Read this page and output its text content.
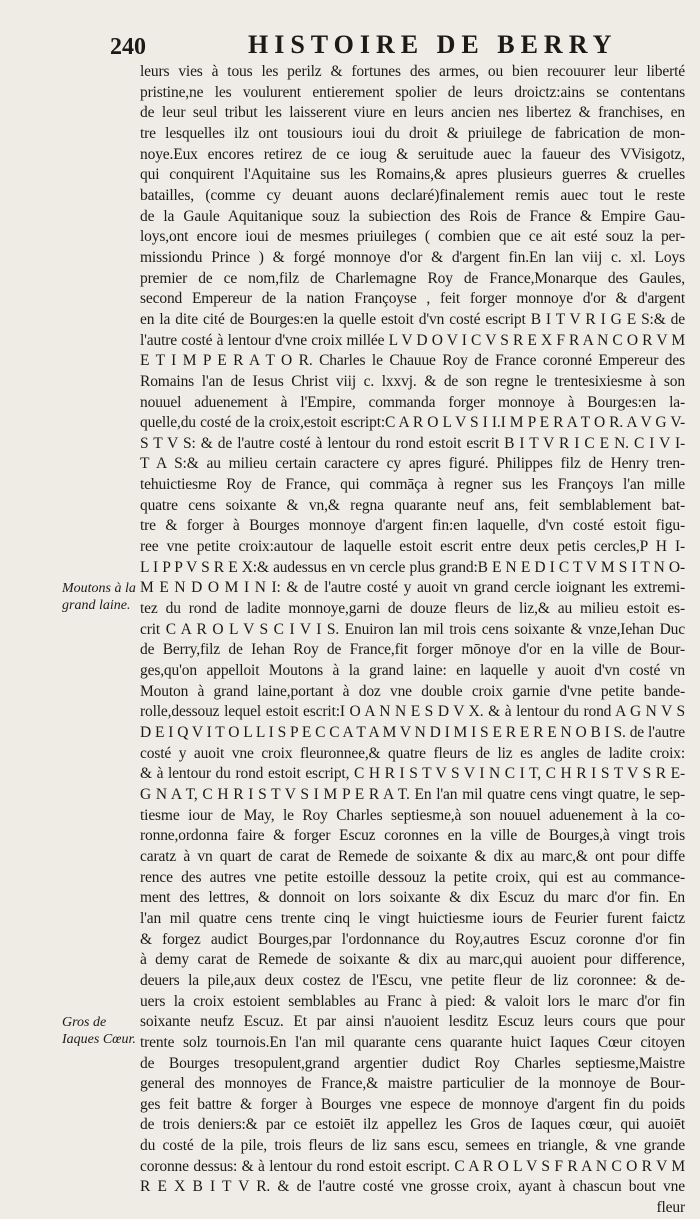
240	HISTOIRE DE BERRY
Moutons à la grand laine.
Gros de Iaques Cœur.
leurs vies à tous les perilz & fortunes des armes, ou bien recouurer leur liberté
pristine,ne les voulurent entierement spolier de leurs droictz:ains se contentans
de leur seul tribut les laisserent viure en leurs ancien nes libertez & franchises, en
tre lesquelles ilz ont tousiours ioui du droit & priuilege de fabrication de mon-
noye.Eux encores retirez de ce ioug & seruitude auec la faueur des VVisigotz,
qui conquirent l'Aquitaine sus les Romains,& apres plusieurs guerres & cruelles
batailles, (comme cy deuant auons declaré)finalement remis auec tout le reste
de la Gaule Aquitanique souz la subiection des Rois de France & Empire Gau-
loys,ont encore ioui de mesmes priuileges ( combien que ce ait esté souz la per-
missiondu Prince ) & forgé monnoye d'or & d'argent fin.En lan viij c. xl. Loys
premier de ce nom,filz de Charlemagne Roy de France,Monarque des Gaules,
second Empereur de la nation Françoyse , feit forger monnoye d'or & d'argent
en la dite cité de Bourges:en la quelle estoit d'vn costé escript B I T V R I G E S:& de
l'autre costé à lentour d'vne croix millée L V D O V I C V S R E X F R A N C O R V M
E T I M P E R A T O R. Charles le Chauue Roy de France coronné Empereur des
Romains l'an de Iesus Christ viij c. lxxvj. & de son regne le trentesixiesme à son
nouuel aduenement à l'Empire, commanda forger monnoye à Bourges:en la-
quelle,du costé de la croix,estoit escript:C A R O L V S I I.I M P E R A T O R. A V G V-
S T V S: & de l'autre costé à lentour du rond estoit escrit B I T V R I C E N. C I V I-
T A S:& au milieu certain caractere cy apres figuré. Philippes filz de Henry tren-
tehuictiesme Roy de France, qui commāça à regner sus les Françoys l'an mille
quatre cens soixante & vn,& regna quarante neuf ans, feit semblablement bat-
tre & forger à Bourges monnoye d'argent fin:en laquelle, d'vn costé estoit figu-
ree vne petite croix:autour de laquelle estoit escrit entre deux petis cercles,P H I-
L I P P V S R E X:& audessus en vn cercle plus grand:B E N E D I C T V M S I T N O-
M E N D O M I N I: & de l'autre costé y auoit vn grand cercle ioignant les extremi-
tez du rond de ladite monnoye,garni de douze fleurs de liz,& au milieu estoit es-
crit C A R O L V S C I V I S. Enuiron lan mil trois cens soixante & vnze,Iehan Duc
de Berry,filz de Iehan Roy de France,fit forger mōnoye d'or en la ville de Bour-
ges,qu'on appelloit Moutons à la grand laine: en laquelle y auoit d'vn costé vn
Mouton à grand laine,portant à doz vne double croix garnie d'vne petite bande-
rolle,dessouz lequel estoit escrit:I O A N N E S D V X. & à lentour du rond A G N V S
D E I Q V I T O L L I S P E C C A T A M V N D I M I S E R E R E N O B I S. de l'autre
costé y auoit vne croix fleuronnee,& quatre fleurs de liz es angles de ladite croix:
& à lentour du rond estoit escript, C H R I S T V S V I N C I T, C H R I S T V S R E-
G N A T, C H R I S T V S I M P E R A T. En l'an mil quatre cens vingt quatre, le sep-
tiesme iour de May, le Roy Charles septiesme,à son nouuel aduenement à la co-
ronne,ordonna faire & forger Escuz coronnes en la ville de Bourges,à vingt trois
caratz à vn quart de carat de Remede de soixante & dix au marc,& ont pour diffe
rence des autres vne petite estoille dessouz la petite croix, qui est au commance-
ment des lettres, & donnoit on lors soixante & dix Escuz du marc d'or fin. En
l'an mil quatre cens trente cinq le vingt huictiesme iours de Feurier furent faictz
& forgez audict Bourges,par l'ordonnance du Roy,autres Escuz coronne d'or fin
à demy carat de Remede de soixante & dix au marc,qui auoient pour difference,
deuers la pile,aux deux costez de l'Escu, vne petite fleur de liz coronnee: & de-
uers la croix estoient semblables au Franc à pied: & valoit lors le marc d'or fin
soixante neufz Escuz. Et par ainsi n'auoient lesditz Escuz leurs cours que pour
trente solz tournois.En l'an mil quarante cens quarante huict Iaques Cœur citoyen
de Bourges tresopulent,grand argentier dudict Roy Charles septiesme,Maistre
general des monnoyes de France,& maistre particulier de la monnoye de Bour-
ges feit battre & forger à Bourges vne espece de monnoye d'argent fin du poids
de trois deniers:& par ce estoiēt ilz appellez les Gros de Iaques cœur, qui auoiēt
du costé de la pile, trois fleurs de liz sans escu, semees en triangle, & vne grande
coronne dessus: & à lentour du rond estoit escript. C A R O L V S F R A N C O R V M
R E X B I T V R. & de l'autre costé vne grosse croix, ayant à chascun bout vne
fleur
